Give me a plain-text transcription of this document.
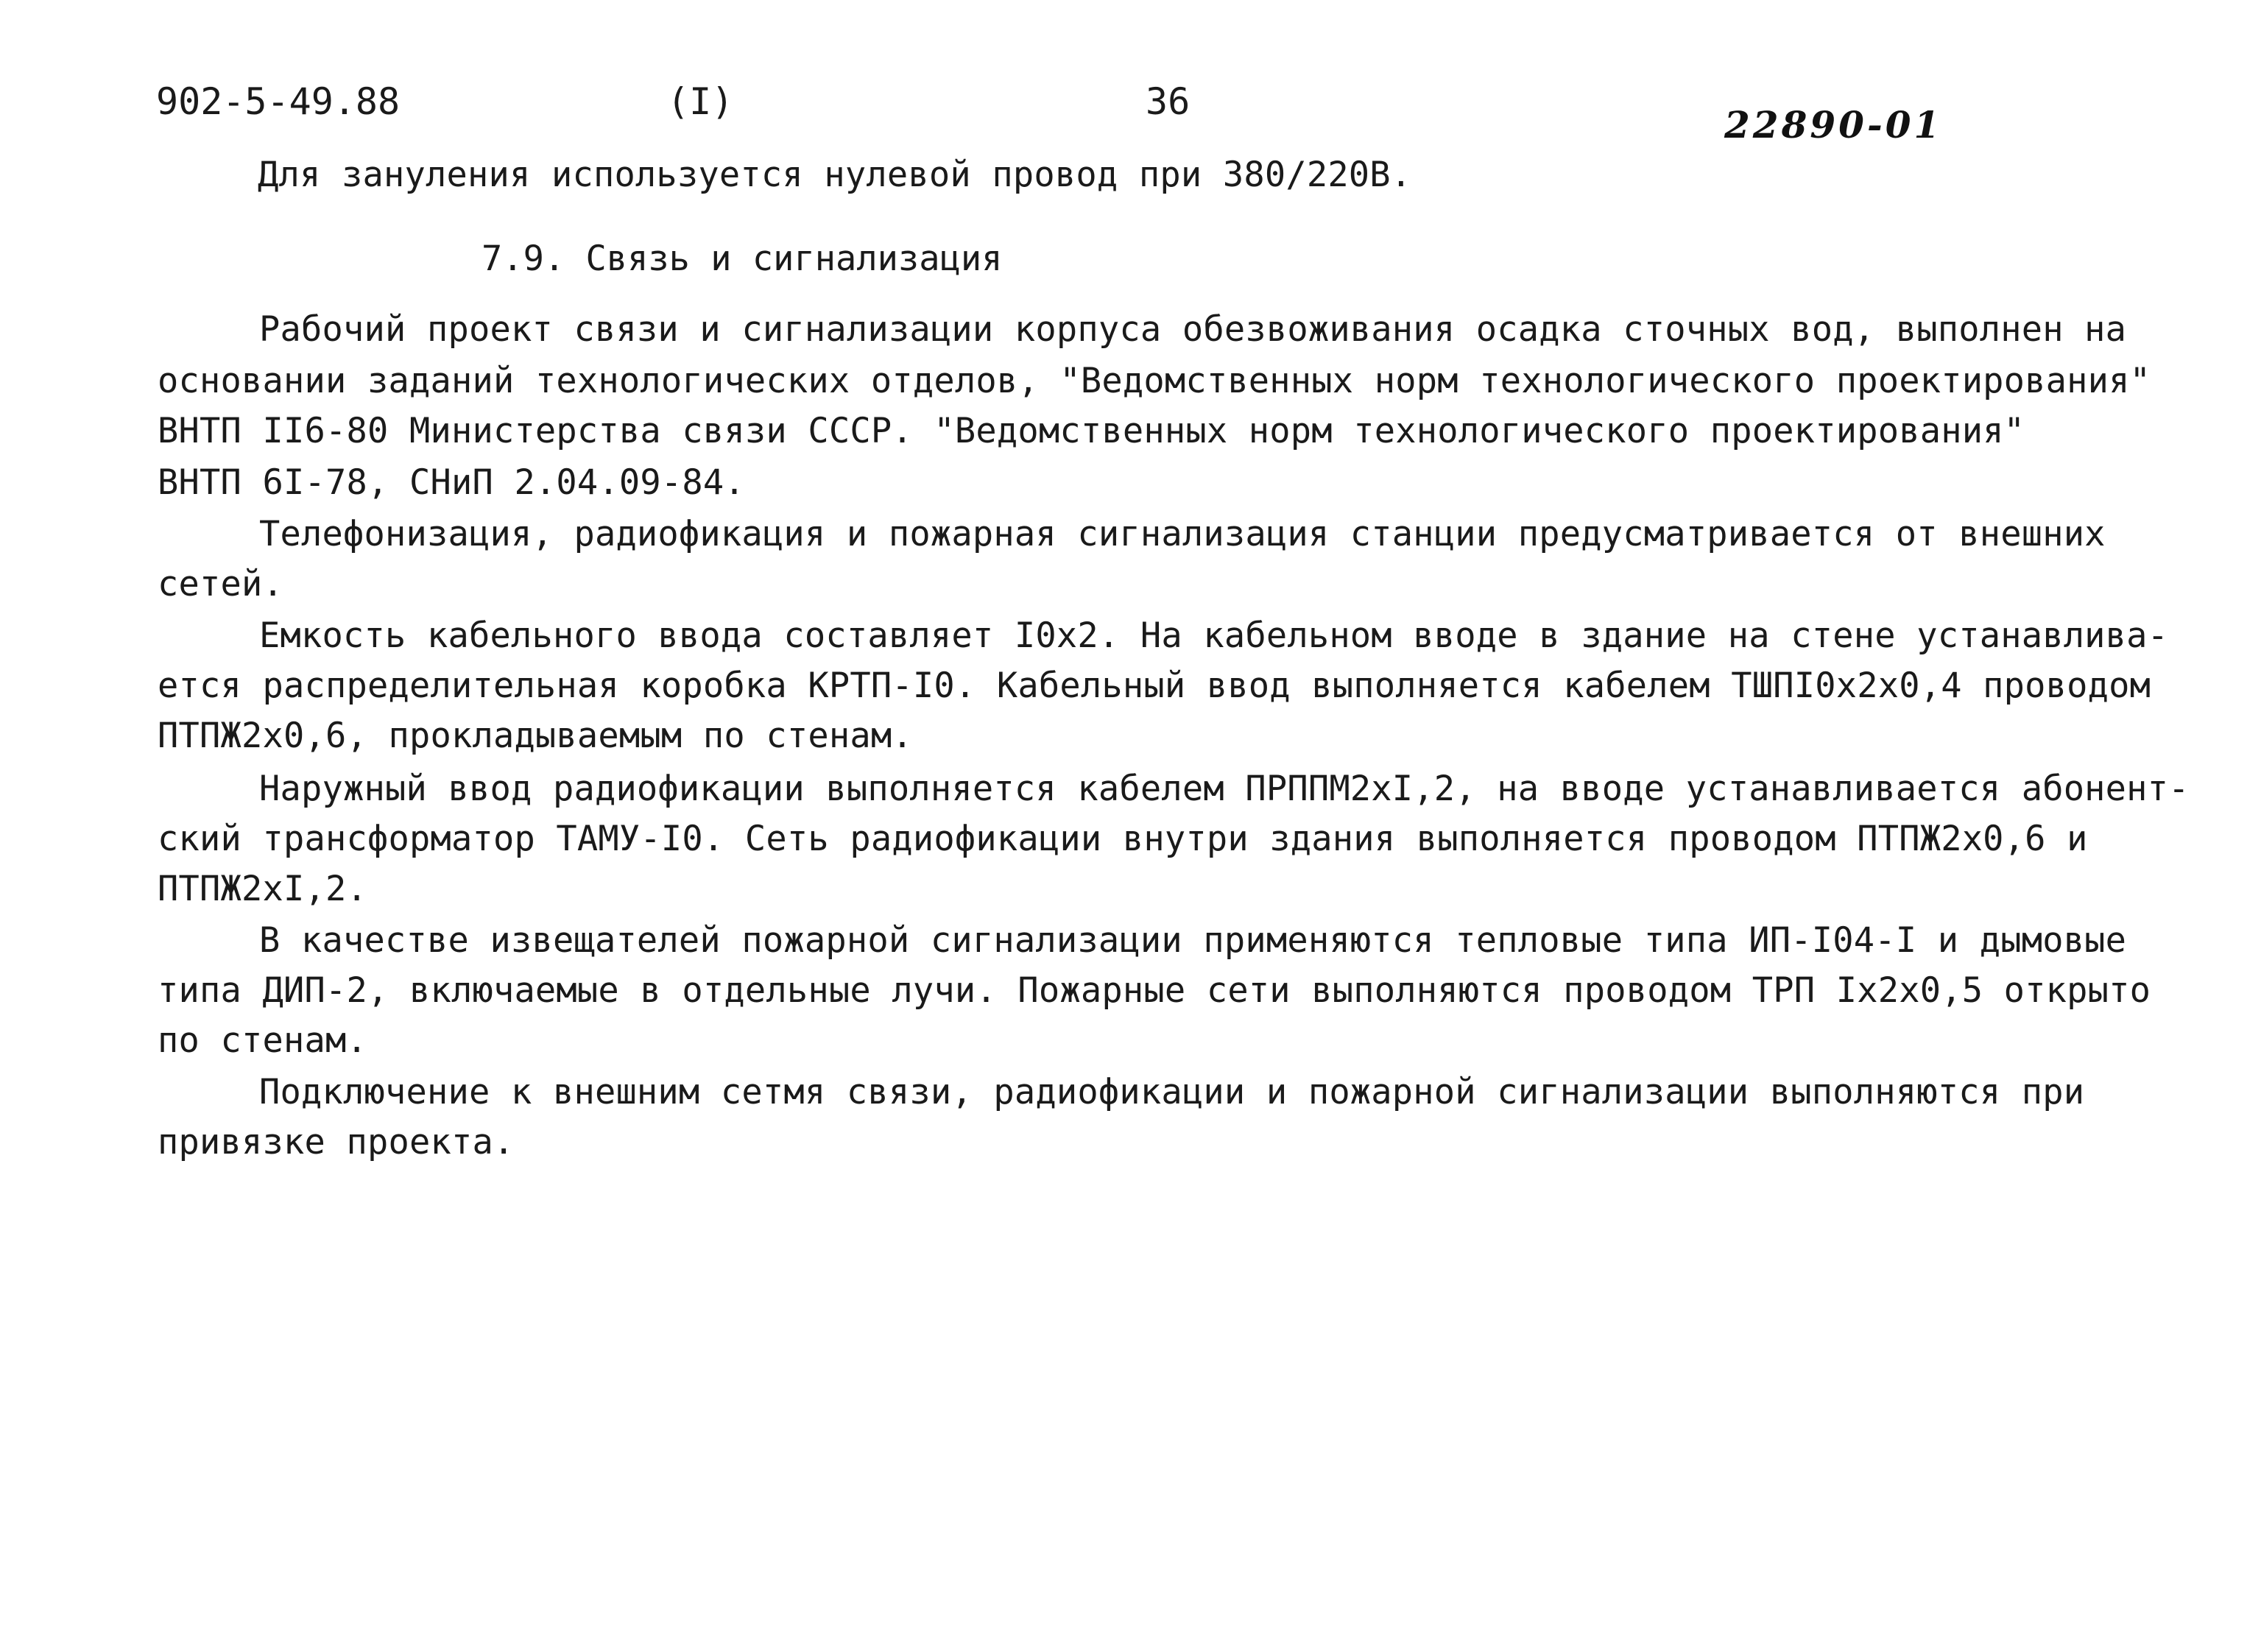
902-5-49.88	(I)	36
22890-01
Для зануления используется нулевой провод при 380/220В.
7.9. Связь и сигнализация
Рабочий проект связи и сигнализации корпуса обезвоживания осадка сточных вод, выполнен на
основании заданий технологических отделов, "Ведомственных норм технологического проектирования"
ВНТП II6-80 Министерства связи СССР. "Ведомственных норм технологического проектирования"
ВНТП 6I-78, СНиП 2.04.09-84.
Телефонизация, радиофикация и пожарная сигнализация станции предусматривается от внешних
сетей.
Емкость кабельного ввода составляет I0х2. На кабельном вводе в здание на стене устанавлива-
ется распределительная коробка КРТП-I0. Кабельный ввод выполняется кабелем ТШПI0х2х0,4 проводом
ПТПЖ2х0,6, прокладываемым по стенам.
Наружный ввод радиофикации выполняется кабелем ПРППМ2хI,2, на вводе устанавливается абонент-
ский трансформатор ТАМУ-I0. Сеть радиофикации внутри здания выполняется проводом ПТПЖ2х0,6 и
ПТПЖ2хI,2.
В качестве извещателей пожарной сигнализации применяются тепловые типа ИП-I04-I и дымовые
типа ДИП-2, включаемые в отдельные лучи. Пожарные сети выполняются проводом ТРП Iх2х0,5 открыто
по стенам.
Подключение к внешним сетмя связи, радиофикации и пожарной сигнализации выполняются при
привязке проекта.
